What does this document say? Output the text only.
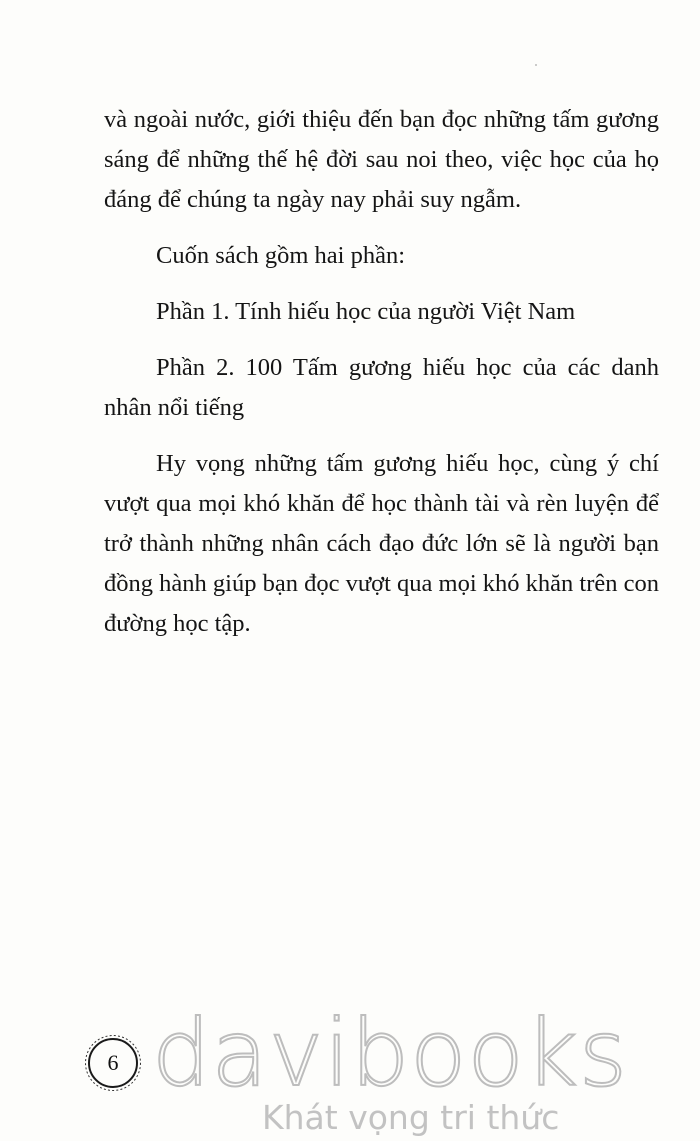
và ngoài nước, giới thiệu đến bạn đọc những tấm gương sáng để những thế hệ đời sau noi theo, việc học của họ đáng để chúng ta ngày nay phải suy ngẫm.

Cuốn sách gồm hai phần:

Phần 1. Tính hiếu học của người Việt Nam

Phần 2. 100 Tấm gương hiếu học của các danh nhân nổi tiếng

Hy vọng những tấm gương hiếu học, cùng ý chí vượt qua mọi khó khăn để học thành tài và rèn luyện để trở thành những nhân cách đạo đức lớn sẽ là người bạn đồng hành giúp bạn đọc vượt qua mọi khó khăn trên con đường học tập.

6 davibooks
Khát vọng tri thức
